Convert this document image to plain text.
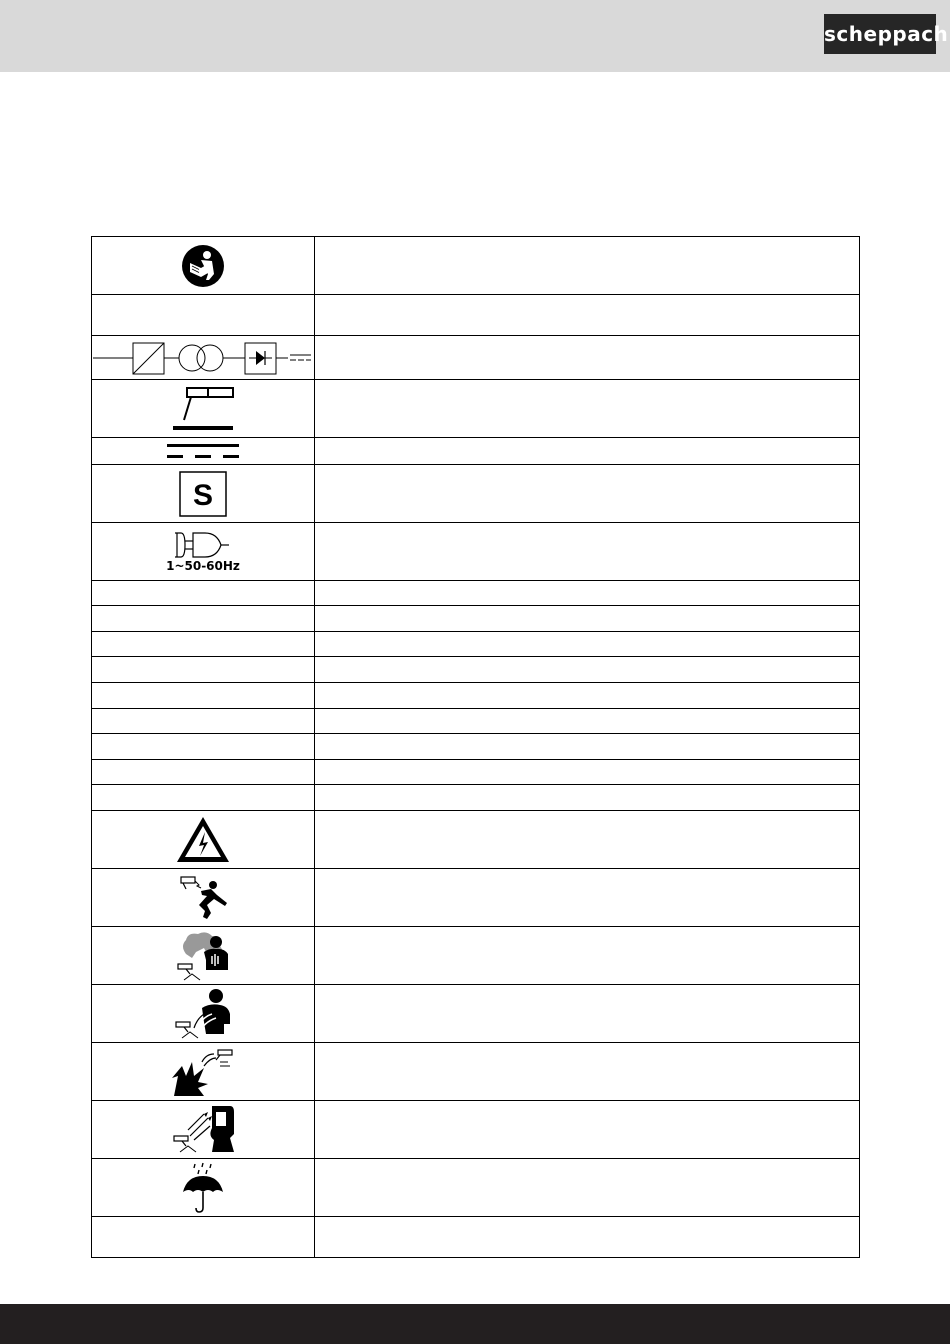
scheppach

S	

1~50-60Hz	
